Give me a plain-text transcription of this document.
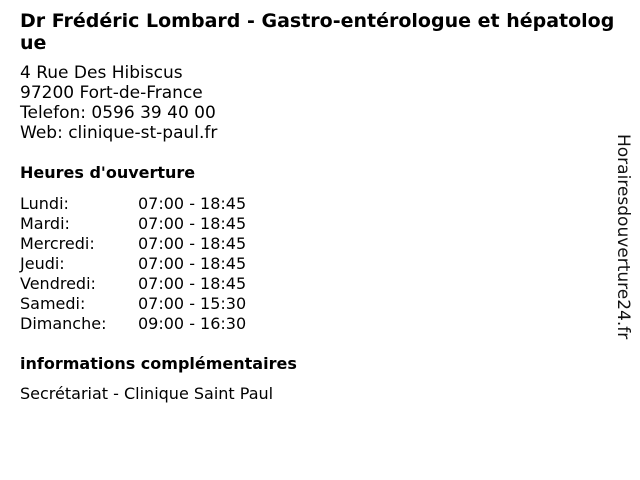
Dr Frédéric Lombard - Gastro-entérologue et hépatologue
4 Rue Des Hibiscus
97200 Fort-de-France
Telefon: 0596 39 40 00
Web: clinique-st-paul.fr
Heures d'ouverture
Lundi:	07:00 - 18:45
Mardi:	07:00 - 18:45
Mercredi:	07:00 - 18:45
Jeudi:	07:00 - 18:45
Vendredi:	07:00 - 18:45
Samedi:	07:00 - 15:30
Dimanche:	09:00 - 16:30
informations complémentaires
Secrétariat - Clinique Saint Paul
Horairesdouverture24.fr
